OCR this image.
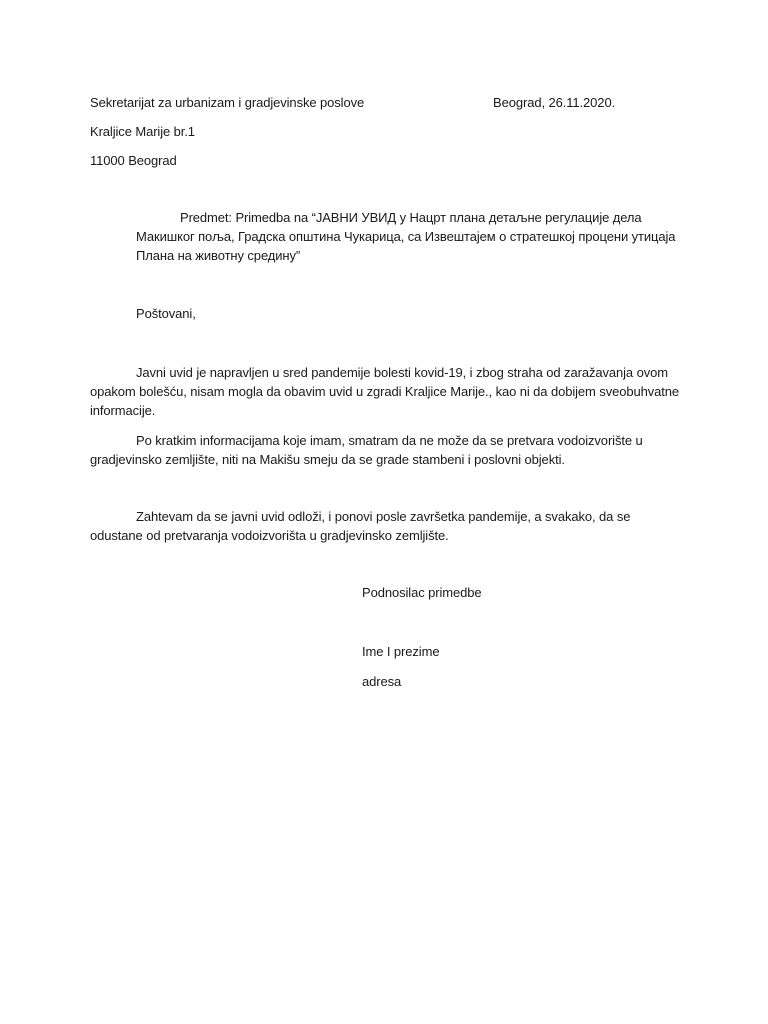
Sekretarijat za urbanizam i gradjevinske poslove	Beograd, 26.11.2020.
Kraljice Marije br.1
11000 Beograd
Predmet: Primedba na “ЈАВНИ УВИД у Нацрт плана детаљне регулације дела Макишког поља, Градска општина Чукарица, са Извештајем о стратешкој процени утицаја Плана на животну средину”
Poštovani,
Javni uvid je napravljen u sred pandemije bolesti kovid-19, i zbog straha od zaražavanja ovom opakom bolešću, nisam mogla da obavim uvid u zgradi Kraljice Marije., kao ni da dobijem sveobuhvatne informacije.
Po kratkim informacijama koje imam, smatram da ne može da se pretvara vodoizvorište u gradjevinsko zemljište, niti na Makišu smeju da se grade stambeni i poslovni objekti.
Zahtevam da se javni uvid odloži, i ponovi posle završetka pandemije, a svakako, da se odustane od pretvaranja vodoizvorišta u gradjevinsko zemljište.
Podnosilac primedbe
Ime I prezime
adresa
